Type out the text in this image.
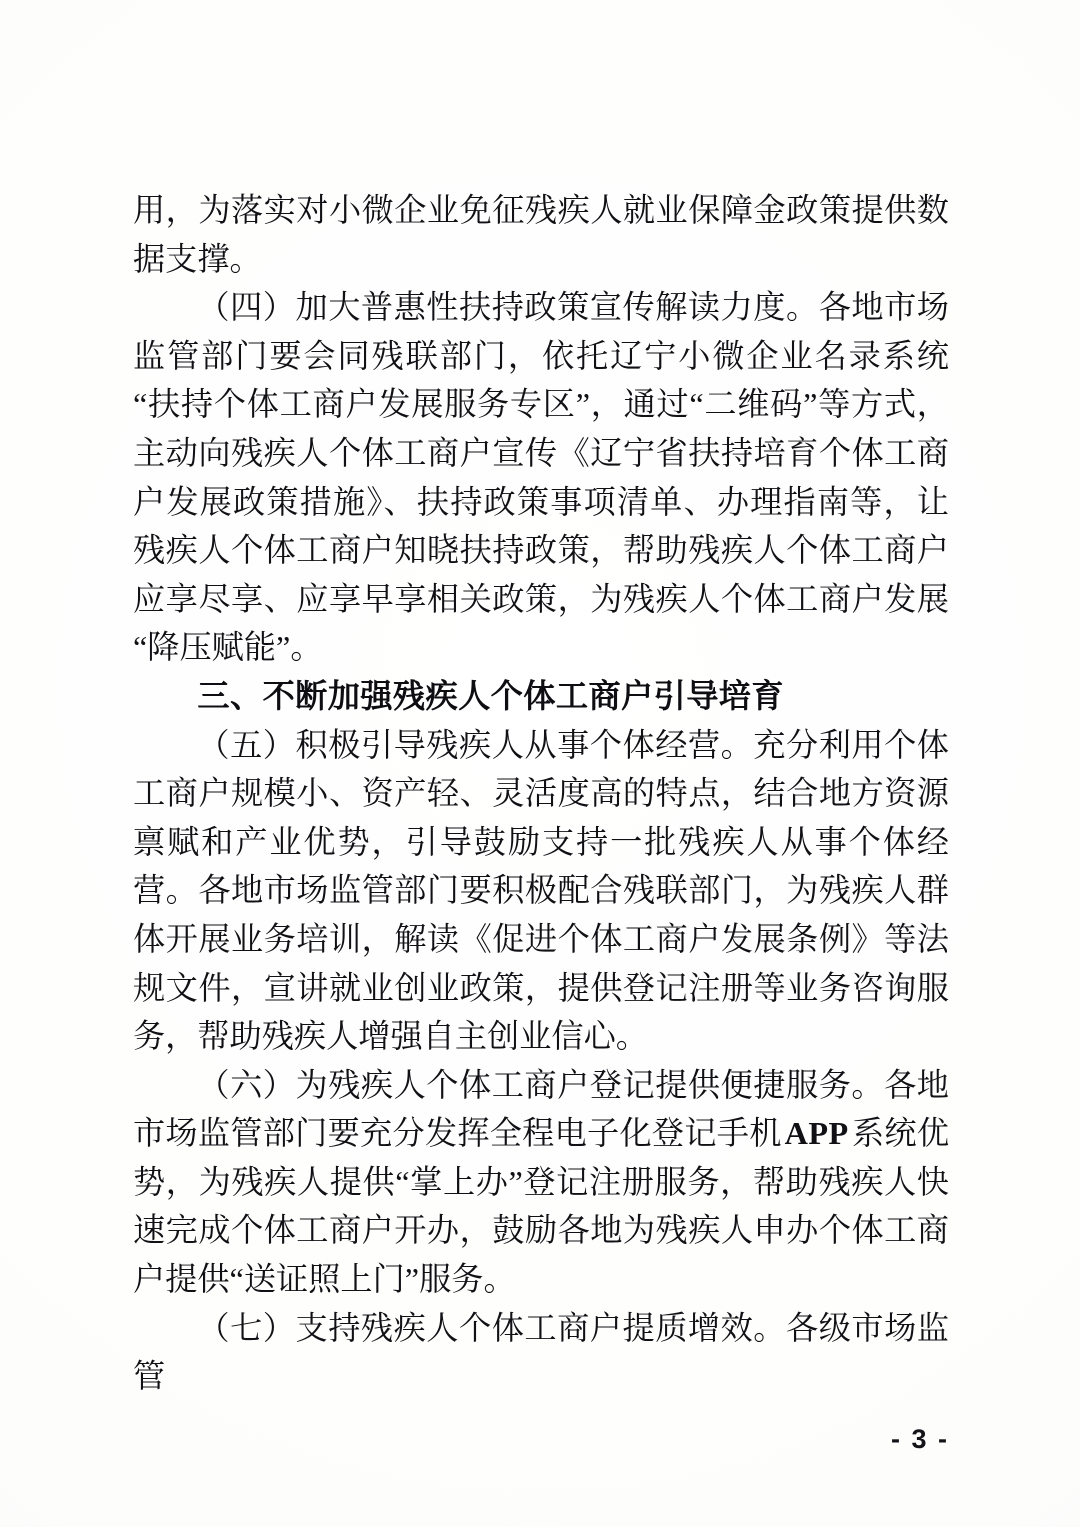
用，为落实对小微企业免征残疾人就业保障金政策提供数据支撑。

（四）加大普惠性扶持政策宣传解读力度。各地市场监管部门要会同残联部门，依托辽宁小微企业名录系统“扶持个体工商户发展服务专区”，通过“二维码”等方式，主动向残疾人个体工商户宣传《辽宁省扶持培育个体工商户发展政策措施》、扶持政策事项清单、办理指南等，让残疾人个体工商户知晓扶持政策，帮助残疾人个体工商户应享尽享、应享早享相关政策，为残疾人个体工商户发展“降压赋能”。

三、不断加强残疾人个体工商户引导培育

（五）积极引导残疾人从事个体经营。充分利用个体工商户规模小、资产轻、灵活度高的特点，结合地方资源禀赋和产业优势，引导鼓励支持一批残疾人从事个体经营。各地市场监管部门要积极配合残联部门，为残疾人群体开展业务培训，解读《促进个体工商户发展条例》等法规文件，宣讲就业创业政策，提供登记注册等业务咨询服务，帮助残疾人增强自主创业信心。

（六）为残疾人个体工商户登记提供便捷服务。各地市场监管部门要充分发挥全程电子化登记手机APP系统优势，为残疾人提供“掌上办”登记注册服务，帮助残疾人快速完成个体工商户开办，鼓励各地为残疾人申办个体工商户提供“送证照上门”服务。

（七）支持残疾人个体工商户提质增效。各级市场监管

- 3 -
